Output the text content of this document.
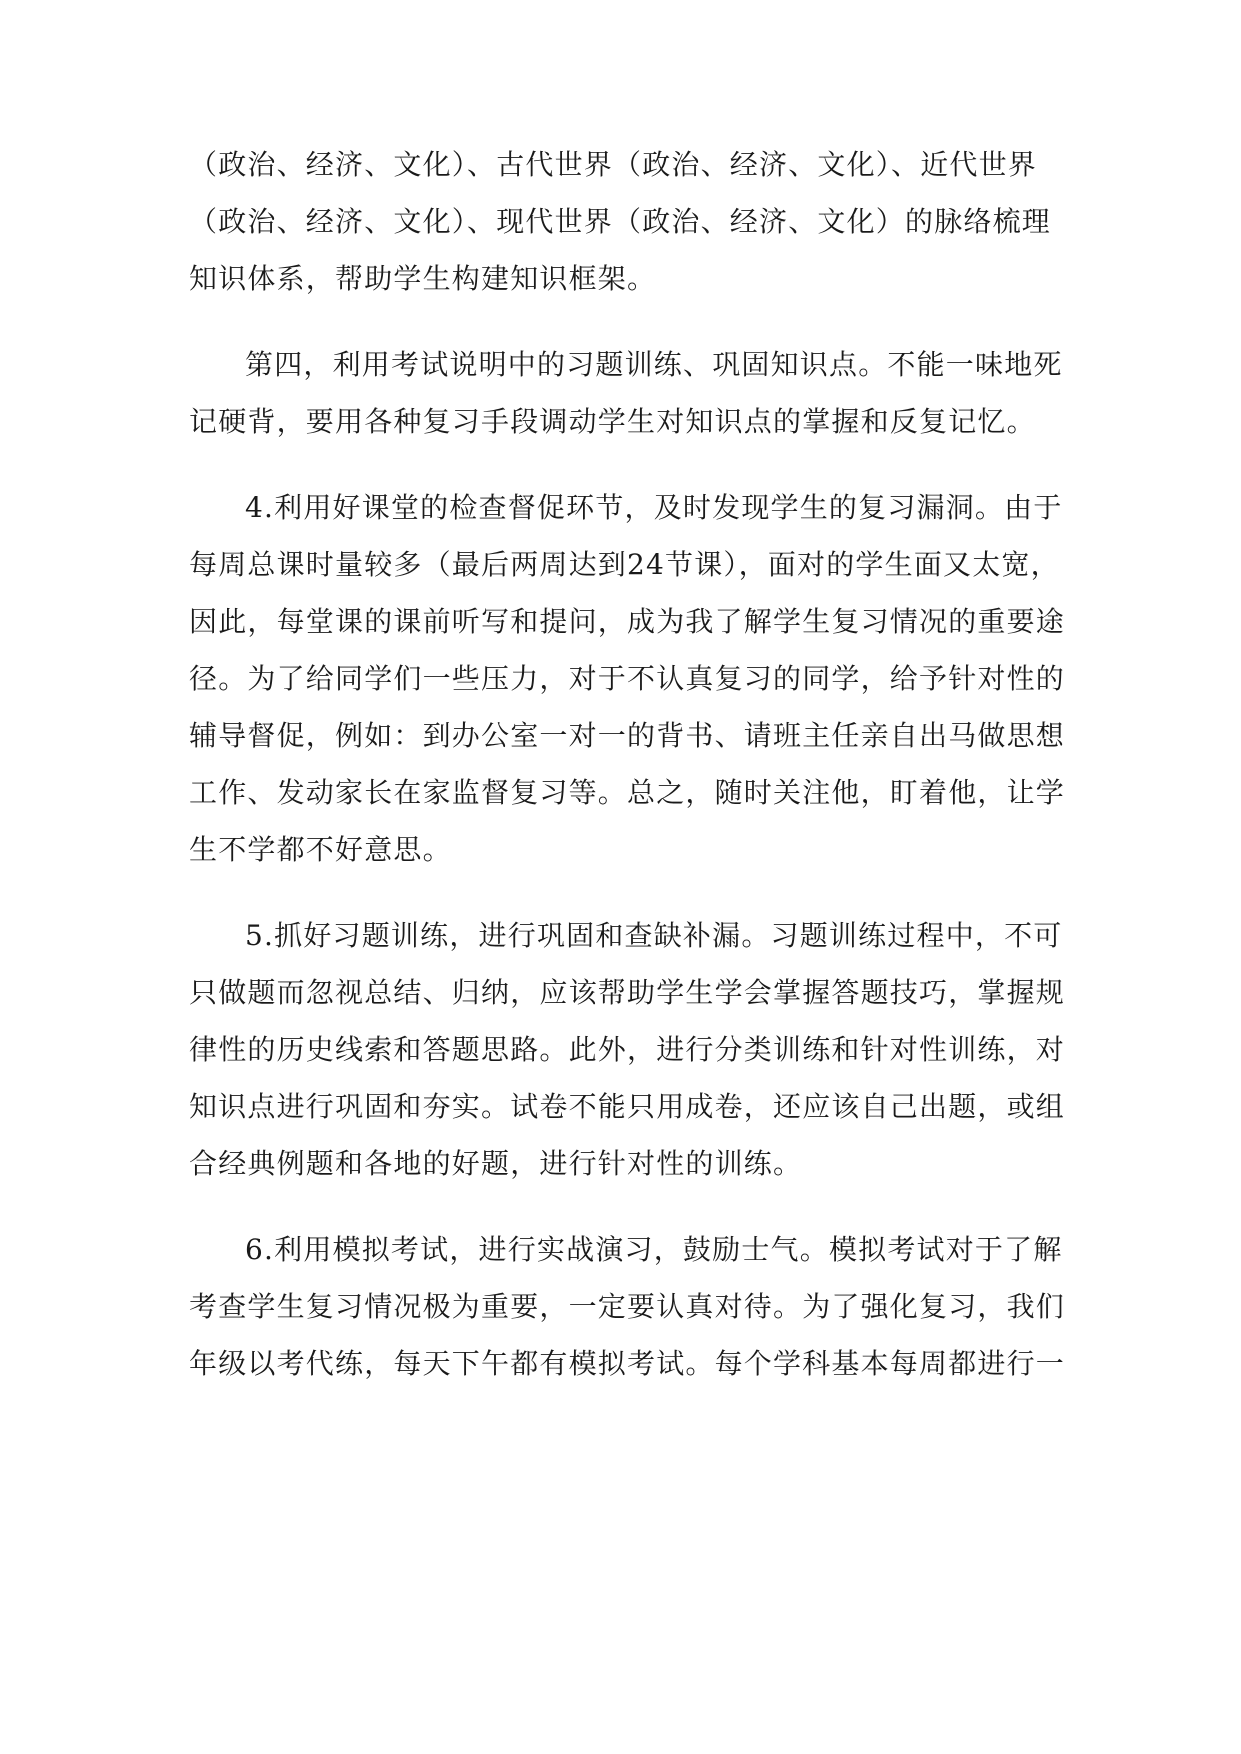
（政治、经济、文化）、古代世界（政治、经济、文化）、近代世界
（政治、经济、文化）、现代世界（政治、经济、文化）的脉络梳理
知识体系，帮助学生构建知识框架。
第四，利用考试说明中的习题训练、巩固知识点。不能一味地死
记硬背，要用各种复习手段调动学生对知识点的掌握和反复记忆。
4.利用好课堂的检查督促环节，及时发现学生的复习漏洞。由于
每周总课时量较多（最后两周达到24节课），面对的学生面又太宽，
因此，每堂课的课前听写和提问，成为我了解学生复习情况的重要途
径。为了给同学们一些压力，对于不认真复习的同学，给予针对性的
辅导督促，例如：到办公室一对一的背书、请班主任亲自出马做思想
工作、发动家长在家监督复习等。总之，随时关注他，盯着他，让学
生不学都不好意思。
5.抓好习题训练，进行巩固和查缺补漏。习题训练过程中，不可
只做题而忽视总结、归纳，应该帮助学生学会掌握答题技巧，掌握规
律性的历史线索和答题思路。此外，进行分类训练和针对性训练，对
知识点进行巩固和夯实。试卷不能只用成卷，还应该自己出题，或组
合经典例题和各地的好题，进行针对性的训练。
6.利用模拟考试，进行实战演习，鼓励士气。模拟考试对于了解
考查学生复习情况极为重要，一定要认真对待。为了强化复习，我们
年级以考代练，每天下午都有模拟考试。每个学科基本每周都进行一
